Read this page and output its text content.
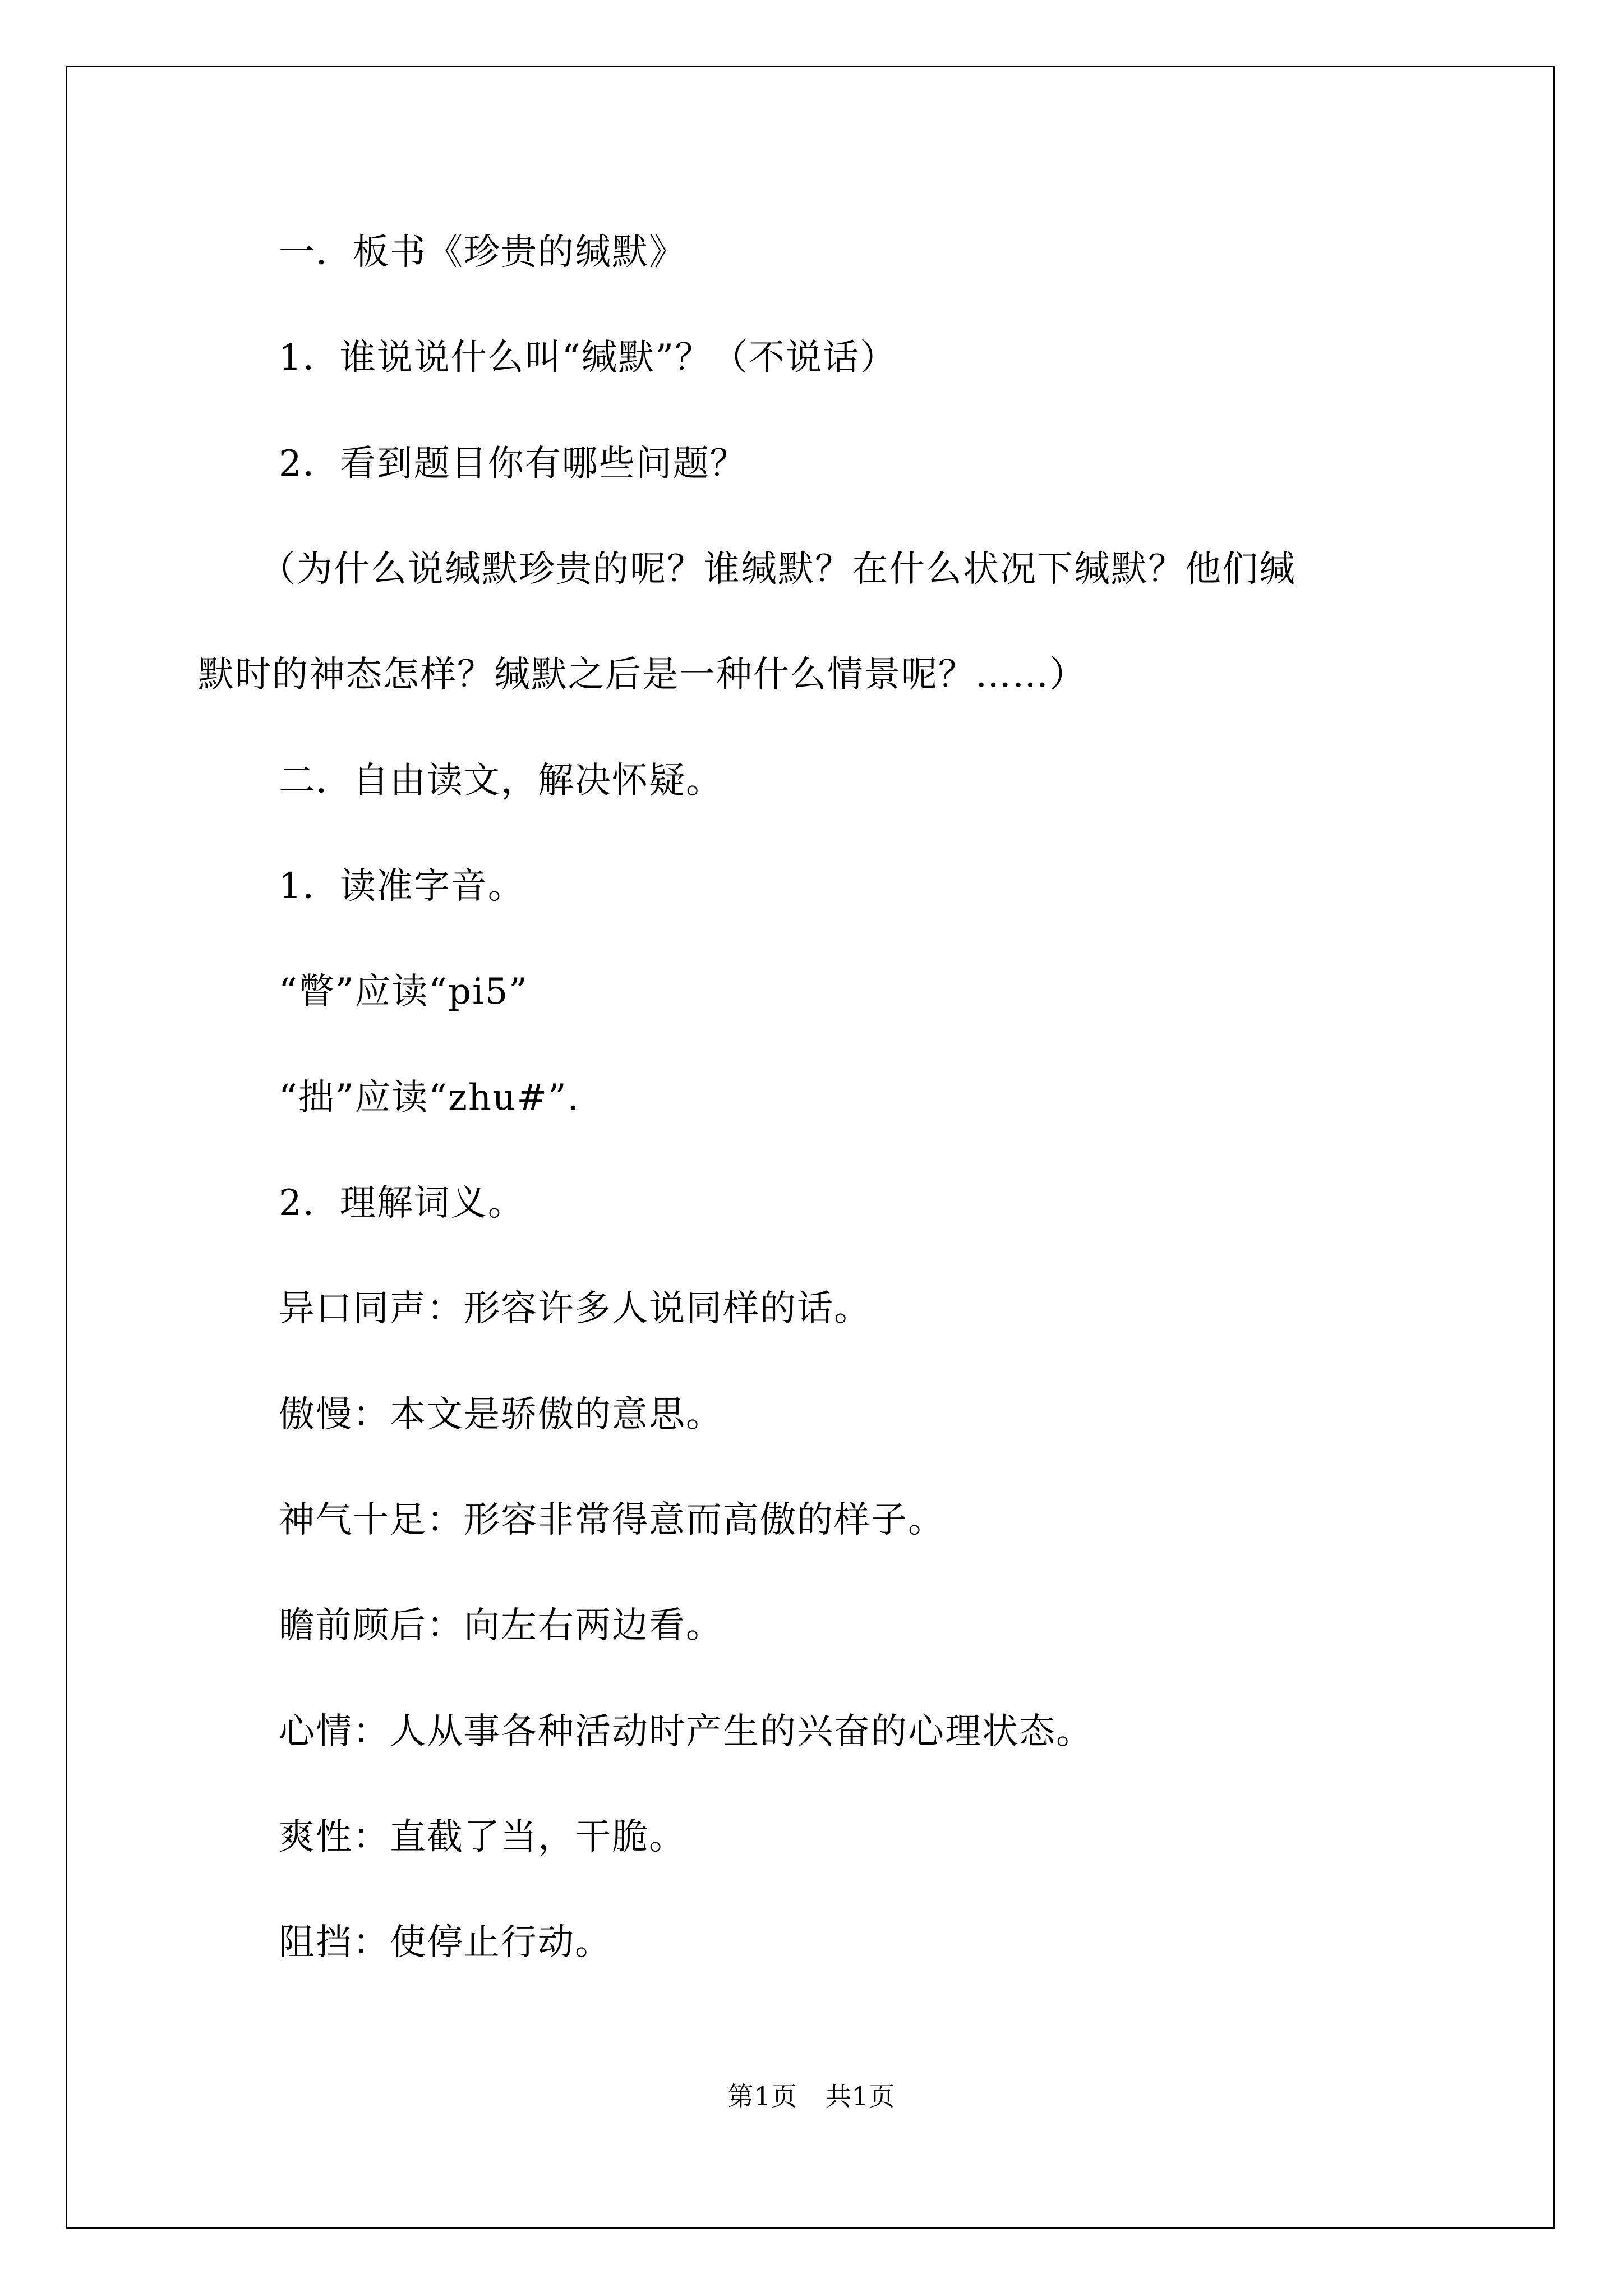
一．板书《珍贵的缄默》
1．谁说说什么叫“缄默”？（不说话）
2．看到题目你有哪些问题？
（为什么说缄默珍贵的呢？谁缄默？在什么状况下缄默？他们缄
默时的神态怎样？缄默之后是一种什么情景呢？……）
二．自由读文，解决怀疑。
1．读准字音。
“瞥”应读“pi5”
“拙”应读“zhu#”.
2．理解词义。
异口同声：形容许多人说同样的话。
傲慢：本文是骄傲的意思。
神气十足：形容非常得意而高傲的样子。
瞻前顾后：向左右两边看。
心情：人从事各种活动时产生的兴奋的心理状态。
爽性：直截了当，干脆。
阻挡：使停止行动。
第1页 共1页
